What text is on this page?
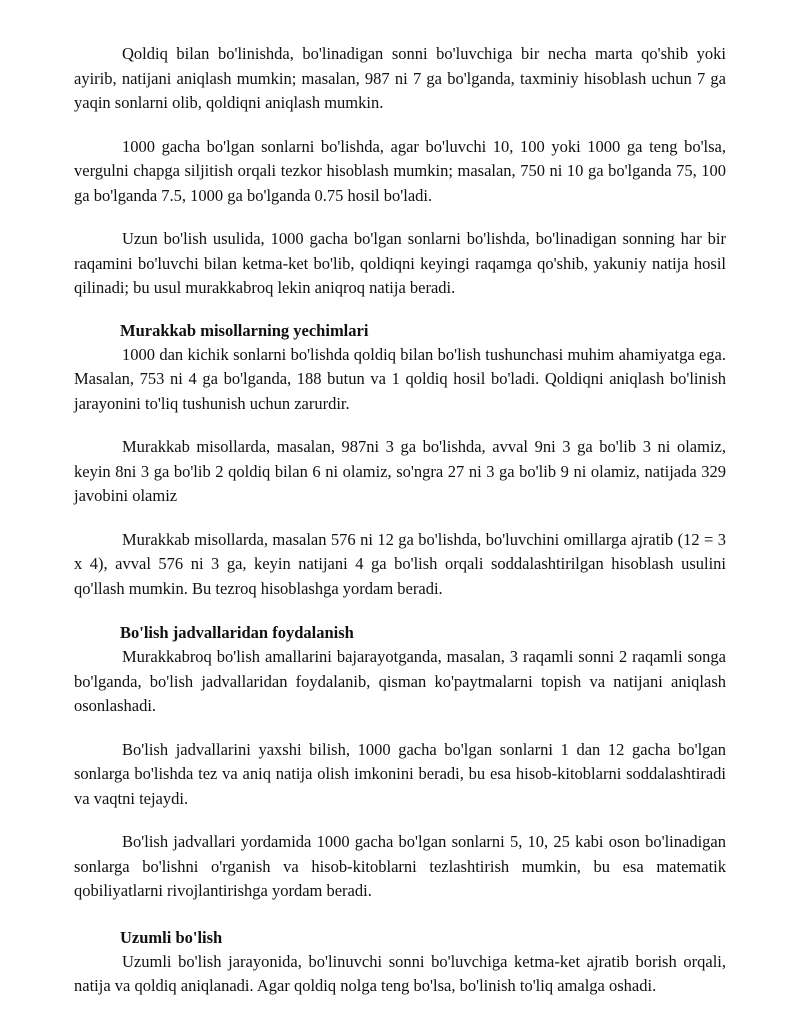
Qoldiq bilan bo'linishda, bo'linadigan sonni bo'luvchiga bir necha marta qo'shib yoki ayirib, natijani aniqlash mumkin; masalan, 987 ni 7 ga bo'lganda, taxminiy hisoblash uchun 7 ga yaqin sonlarni olib, qoldiqni aniqlash mumkin.

1000 gacha bo'lgan sonlarni bo'lishda, agar bo'luvchi 10, 100 yoki 1000 ga teng bo'lsa, vergulni chapga siljitish orqali tezkor hisoblash mumkin; masalan, 750 ni 10 ga bo'lganda 75, 100 ga bo'lganda 7.5, 1000 ga bo'lganda 0.75 hosil bo'ladi.

Uzun bo'lish usulida, 1000 gacha bo'lgan sonlarni bo'lishda, bo'linadigan sonning har bir raqamini bo'luvchi bilan ketma-ket bo'lib, qoldiqni keyingi raqamga qo'shib, yakuniy natija hosil qilinadi; bu usul murakkabroq lekin aniqroq natija beradi.

Murakkab misollarning yechimlari

1000 dan kichik sonlarni bo'lishda qoldiq bilan bo'lish tushunchasi muhim ahamiyatga ega. Masalan, 753 ni 4 ga bo'lganda, 188 butun va 1 qoldiq hosil bo'ladi. Qoldiqni aniqlash bo'linish jarayonini to'liq tushunish uchun zarurdir.

Murakkab misollarda, masalan, 987ni 3 ga bo'lishda, avval 9ni 3 ga bo'lib 3 ni olamiz, keyin 8ni 3 ga bo'lib 2 qoldiq bilan 6 ni olamiz, so'ngra 27 ni 3 ga bo'lib 9 ni olamiz, natijada 329 javobini olamiz

Murakkab misollarda, masalan 576 ni 12 ga bo'lishda, bo'luvchini omillarga ajratib (12 = 3 x 4), avval 576 ni 3 ga, keyin natijani 4 ga bo'lish orqali soddalashtirilgan hisoblash usulini qo'llash mumkin. Bu tezroq hisoblashga yordam beradi.

Bo'lish jadvallaridan foydalanish

Murakkabroq bo'lish amallarini bajarayotganda, masalan, 3 raqamli sonni 2 raqamli songa bo'lganda, bo'lish jadvallaridan foydalanib, qisman ko'paytmalarni topish va natijani aniqlash osonlashadi.

Bo'lish jadvallarini yaxshi bilish, 1000 gacha bo'lgan sonlarni 1 dan 12 gacha bo'lgan sonlarga bo'lishda tez va aniq natija olish imkonini beradi, bu esa hisob-kitoblarni soddalashtiradi va vaqtni tejaydi.

Bo'lish jadvallari yordamida 1000 gacha bo'lgan sonlarni 5, 10, 25 kabi oson bo'linadigan sonlarga bo'lishni o'rganish va hisob-kitoblarni tezlashtirish mumkin, bu esa matematik qobiliyatlarni rivojlantirishga yordam beradi.

Uzumli bo'lish

Uzumli bo'lish jarayonida, bo'linuvchi sonni bo'luvchiga ketma-ket ajratib borish orqali, natija va qoldiq aniqlanadi. Agar qoldiq nolga teng bo'lsa, bo'linish to'liq amalga oshadi.
